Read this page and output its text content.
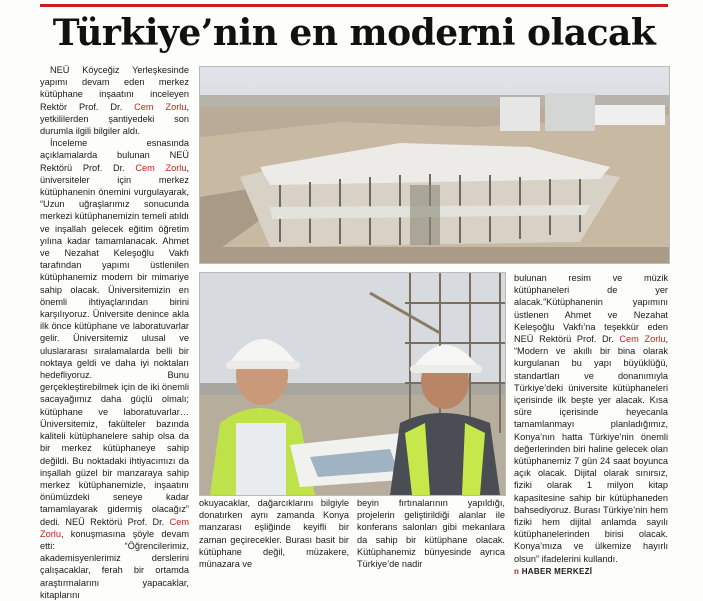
Türkiye’nin en moderni olacak

NEÜ Köyceğiz Yerleşkesinde yapımı devam eden merkez kütüphane inşaatını inceleyen Rektör Prof. Dr. Cem Zorlu, yetkililerden şantiyedeki son durumla ilgili bilgiler aldı.

İnceleme esnasında açıklamalarda bulunan NEÜ Rektörü Prof. Dr. Cem Zorlu, üniversiteler için merkez kütüphanenin önemini vurgulayarak, “Uzun uğraşlarımız sonucunda merkezi kütüphanemizin temeli atıldı ve inşallah gelecek eğitim öğretim yılına kadar tamamlanacak. Ahmet ve Nezahat Keleşoğlu Vakfı tarafından yapımı üstlenilen kütüphanemiz modern bir mimariye sahip olacak. Üniversitemizin en önemli ihtiyaçlarından birini karşılıyoruz. Üniversite denince akla ilk önce kütüphane ve laboratuvarlar gelir. Üniversitemiz ulusal ve uluslararası sıralamalarda belli bir noktaya geldi ve daha iyi noktaları hedefliyoruz. Bunu gerçekleştirebilmek için de iki önemli sacayağımız daha güçlü olmalı; kütüphane ve laboratuvarlar… Üniversitemiz, fakülteler bazında kaliteli kütüphanelere sahip olsa da bir merkez kütüphaneye sahip değildi. Bu noktadaki ihtiyacımızı da inşallah güzel bir manzaraya sahip merkez kütüphanemizle, inşaatını önümüzdeki seneye kadar tamamlayarak gidermiş olacağız” dedi. NEÜ Rektörü Prof. Dr. Cem Zorlu, konuşmasına şöyle devam etti: “Öğrencilerimiz, akademisyenlerimiz derslerini çalışacaklar, ferah bir ortamda araştırmalarını yapacaklar, kitaplarını

okuyacaklar, dağarcıklarını bilgiyle donatırken aynı zamanda Konya manzarası eşliğinde keyifli bir zaman geçirecekler. Burası basit bir kütüphane değil, müzakere, münazara ve

beyin fırtınalarının yapıldığı, projelerin geliştirildiği alanlar ile konferans salonları gibi mekanlara da sahip bir kütüphane olacak. Kütüphanemiz bünyesinde ayrıca Türkiye’de nadir

bulunan resim ve müzik kütüphaneleri de yer alacak.”Kütüphanenin yapımını üstlenen Ahmet ve Nezahat Keleşoğlu Vakfı’na teşekkür eden NEÜ Rektörü Prof. Dr. Cem Zorlu, “Modern ve akıllı bir bina olarak kurgulanan bu yapı büyüklüğü, standartları ve donanımıyla Türkiye’deki üniversite kütüphaneleri içerisinde ilk beşte yer alacak. Kısa süre içerisinde heyecanla tamamlanmayı planladığımız, Konya’nın hatta Türkiye’nin önemli değerlerinden biri haline gelecek olan kütüphanemiz 7 gün 24 saat boyunca açık olacak. Dijital olarak sınırsız, fiziki olarak 1 milyon kitap kapasitesine sahip bir kütüphaneden bahsediyoruz. Burası Türkiye’nin hem fiziki hem dijital anlamda sayılı kütüphanelerinden birisi olacak. Konya’mıza ve ülkemize hayırlı olsun” ifadelerini kullandı.

n HABER MERKEZİ
